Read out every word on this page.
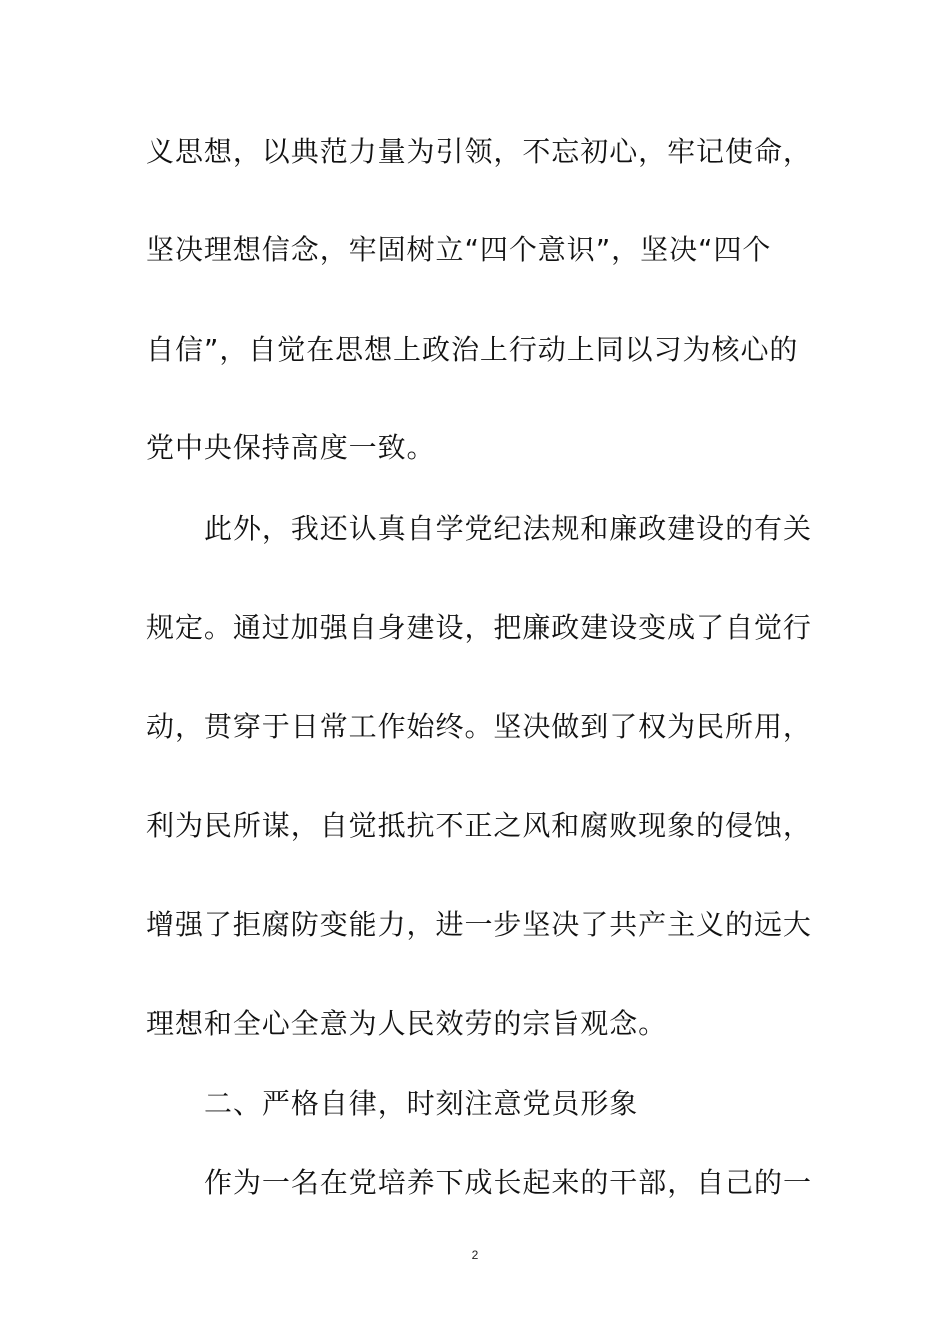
义思想，以典范力量为引领，不忘初心，牢记使命，
坚决理想信念，牢固树立“四个意识”，坚决“四个
自信”，自觉在思想上政治上行动上同以习为核心的
党中央保持高度一致。
此外，我还认真自学党纪法规和廉政建设的有关
规定。通过加强自身建设，把廉政建设变成了自觉行
动，贯穿于日常工作始终。坚决做到了权为民所用，
利为民所谋，自觉抵抗不正之风和腐败现象的侵蚀，
增强了拒腐防变能力，进一步坚决了共产主义的远大
理想和全心全意为人民效劳的宗旨观念。
二、严格自律，时刻注意党员形象
作为一名在党培养下成长起来的干部，自己的一
2
